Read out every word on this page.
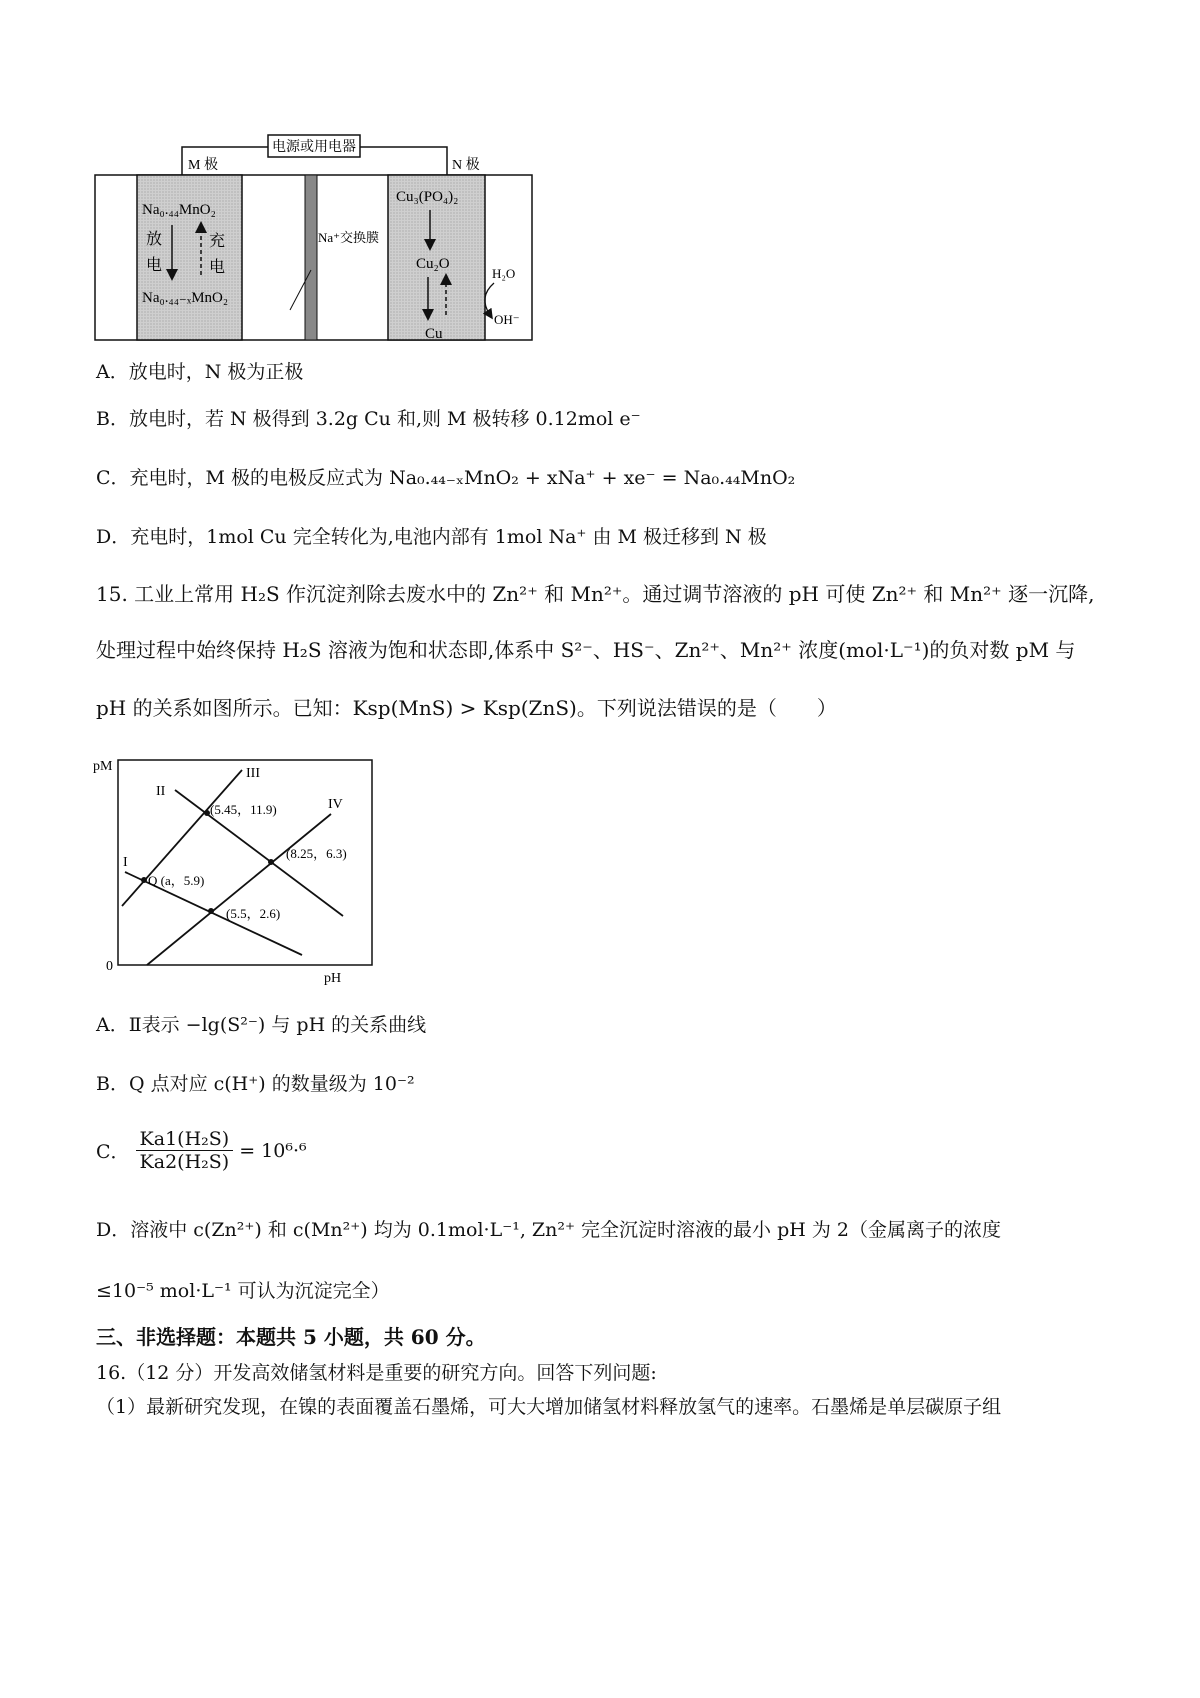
电源或用电器
M 极	N 极
Na₀.₄₄MnO₂
放
电
充
电
Na₀.₄₄₋ₓMnO₂
Na⁺交换膜
Cu₃(PO₄)₂
Cu₂O
Cu
H₂O
OH⁻
A．放电时，N 极为正极
B．放电时，若 N 极得到 3.2g Cu 和,则 M 极转移 0.12mol e⁻
C．充电时，M 极的电极反应式为 Na₀.₄₄₋ₓMnO₂ + xNa⁺ + xe⁻ = Na₀.₄₄MnO₂
D．充电时，1mol Cu 完全转化为,电池内部有 1mol Na⁺ 由 M 极迁移到 N 极
15. 工业上常用 H₂S 作沉淀剂除去废水中的 Zn²⁺ 和 Mn²⁺。通过调节溶液的 pH 可使 Zn²⁺ 和 Mn²⁺ 逐一沉降,
处理过程中始终保持 H₂S 溶液为饱和状态即,体系中 S²⁻、HS⁻、Zn²⁺、Mn²⁺ 浓度(mol·L⁻¹)的负对数 pM 与
pH 的关系如图所示。已知：Ksp(MnS) > Ksp(ZnS)。下列说法错误的是（　　）
pM
pH
0
I
II
III
IV
(5.45，11.9)
(8.25，6.3)
Q (a，5.9)
(5.5，2.6)
A．Ⅱ表示 −lg(S²⁻) 与 pH 的关系曲线
B．Q 点对应 c(H⁺) 的数量级为 10⁻²
C．
Ka1(H₂S)
Ka2(H₂S)
= 10⁶·⁶
D．溶液中 c(Zn²⁺) 和 c(Mn²⁺) 均为 0.1mol·L⁻¹, Zn²⁺ 完全沉淀时溶液的最小 pH 为 2（金属离子的浓度
≤10⁻⁵ mol·L⁻¹ 可认为沉淀完全）
三、非选择题：本题共 5 小题，共 60 分。
16.（12 分）开发高效储氢材料是重要的研究方向。回答下列问题:
（1）最新研究发现，在镍的表面覆盖石墨烯，可大大增加储氢材料释放氢气的速率。石墨烯是单层碳原子组
